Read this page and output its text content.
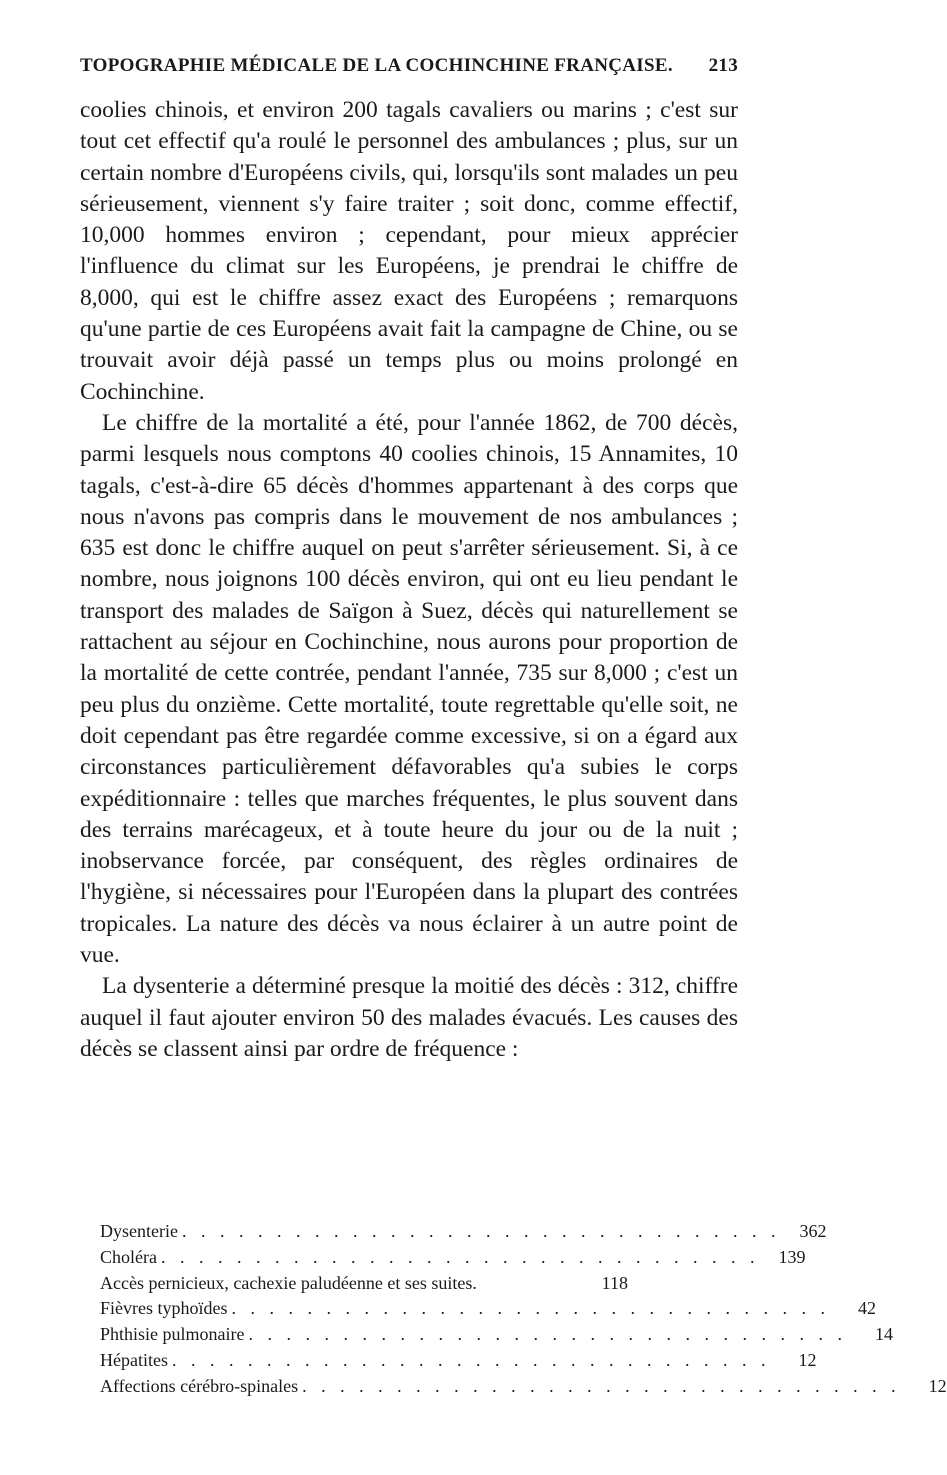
TOPOGRAPHIE MÉDICALE DE LA COCHINCHINE FRANÇAISE. 213

coolies chinois, et environ 200 tagals cavaliers ou marins ; c'est sur tout cet effectif qu'a roulé le personnel des ambulances ; plus, sur un certain nombre d'Européens civils, qui, lorsqu'ils sont malades un peu sérieusement, viennent s'y faire traiter ; soit donc, comme effectif, 10,000 hommes environ ; cependant, pour mieux apprécier l'influence du climat sur les Européens, je prendrai le chiffre de 8,000, qui est le chiffre assez exact des Européens ; remarquons qu'une partie de ces Européens avait fait la campagne de Chine, ou se trouvait avoir déjà passé un temps plus ou moins prolongé en Cochinchine.

Le chiffre de la mortalité a été, pour l'année 1862, de 700 décès, parmi lesquels nous comptons 40 coolies chinois, 15 Annamites, 10 tagals, c'est-à-dire 65 décès d'hommes appartenant à des corps que nous n'avons pas compris dans le mouvement de nos ambulances ; 635 est donc le chiffre auquel on peut s'arrêter sérieusement. Si, à ce nombre, nous joignons 100 décès environ, qui ont eu lieu pendant le transport des malades de Saïgon à Suez, décès qui naturellement se rattachent au séjour en Cochinchine, nous aurons pour proportion de la mortalité de cette contrée, pendant l'année, 735 sur 8,000 ; c'est un peu plus du onzième. Cette mortalité, toute regrettable qu'elle soit, ne doit cependant pas être regardée comme excessive, si on a égard aux circonstances particulièrement défavorables qu'a subies le corps expéditionnaire : telles que marches fréquentes, le plus souvent dans des terrains marécageux, et à toute heure du jour ou de la nuit ; inobservance forcée, par conséquent, des règles ordinaires de l'hygiène, si nécessaires pour l'Européen dans la plupart des contrées tropicales. La nature des décès va nous éclairer à un autre point de vue.

La dysenterie a déterminé presque la moitié des décès : 312, chiffre auquel il faut ajouter environ 50 des malades évacués. Les causes des décès se classent ainsi par ordre de fréquence :

Dysenterie . . . . . . . . . . . . . . . . . . . . . . . . . . . . . . . .	362
Choléra . . . . . . . . . . . . . . . . . . . . . . . . . . . . . . . .	139
Accès pernicieux, cachexie paludéenne et ses suites.	118
Fièvres typhoïdes . . . . . . . . . . . . . . . . . . . . . . . . . . . . . . . .	42
Phthisie pulmonaire . . . . . . . . . . . . . . . . . . . . . . . . . . . . . . . .	14
Hépatites . . . . . . . . . . . . . . . . . . . . . . . . . . . . . . . .	12
Affections cérébro-spinales . . . . . . . . . . . . . . . . . . . . . . . . . . . . . . . .	12
